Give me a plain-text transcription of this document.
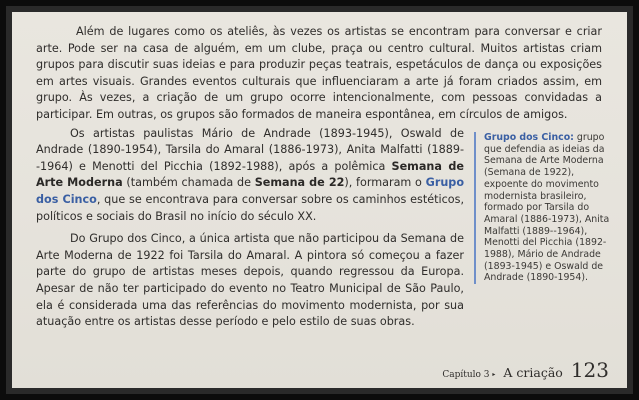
Além de lugares como os ateliês, às vezes os artistas se encontram para conversar e criar arte. Pode ser na casa de alguém, em um clube, praça ou centro cultural. Muitos artistas criam grupos para discutir suas ideias e para produzir peças teatrais, espetáculos de dança ou exposições em artes visuais. Grandes eventos culturais que influenciaram a arte já foram criados assim, em grupo. Às vezes, a criação de um grupo ocorre intencionalmente, com pessoas convidadas a participar. Em outras, os grupos são formados de maneira espontânea, em círculos de amigos.

Os artistas paulistas Mário de Andrade (1893-1945), Oswald de Andrade (1890-1954), Tarsila do Amaral (1886-1973), Anita Malfatti (1889--1964) e Menotti del Picchia (1892-1988), após a polêmica Semana de Arte Moderna (também chamada de Semana de 22), formaram o Grupo dos Cinco, que se encontrava para conversar sobre os caminhos estéticos, políticos e sociais do Brasil no início do século XX.

Do Grupo dos Cinco, a única artista que não participou da Semana de Arte Moderna de 1922 foi Tarsila do Amaral. A pintora só começou a fazer parte do grupo de artistas meses depois, quando regressou da Europa. Apesar de não ter participado do evento no Teatro Municipal de São Paulo, ela é considerada uma das referências do movimento modernista, por sua atuação entre os artistas desse período e pelo estilo de suas obras.

Grupo dos Cinco: grupo que defendia as ideias da Semana de Arte Moderna (Semana de 1922), expoente do movimento modernista brasileiro, formado por Tarsila do Amaral (1886-1973), Anita Malfatti (1889--1964), Menotti del Picchia (1892-1988), Mário de Andrade (1893-1945) e Oswald de Andrade (1890-1954).
Capítulo 3 ▸ A criação 123
